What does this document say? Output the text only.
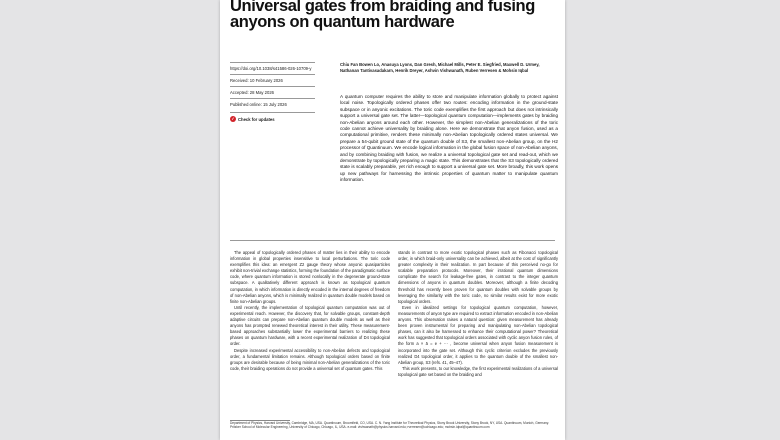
Universal gates from braiding and fusing anyons on quantum hardware
https://doi.org/10.1038/s41586-026-10709-y
Received: 10 February 2026
Accepted: 28 May 2026
Published online: 15 July 2026
✓ Check for updates
Chiu Fan Bowen Lo, Anasuya Lyons, Dan Gresh, Michael Mills, Peter E. Siegfried, Maxwell D. Urmey, Nathanan Tantivasadakarn, Henrik Dreyer, Ashvin Vishwanath, Ruben Verresen & Mohsin Iqbal
A quantum computer requires the ability to store and manipulate information globally to protect against local noise. Topologically ordered phases offer two routes: encoding information in the ground-state subspace or in anyonic excitations. The toric code exemplifies the first approach but does not intrinsically support a universal gate set. The latter—topological quantum computation—implements gates by braiding non-Abelian anyons around each other. However, the simplest non-Abelian generalizations of the toric code cannot achieve universality by braiding alone. Here we demonstrate that anyon fusion, used as a computational primitive, renders these minimally non-Abelian topologically ordered states universal. We prepare a 54-qubit ground state of the quantum double of S3, the smallest non-Abelian group, on the H2 processor of Quantinuum. We encode logical information in the global fusion space of non-Abelian anyons, and by combining braiding with fusion, we realize a universal topological gate set and read-out, which we demonstrate by topologically preparing a magic state. This demonstrates that the S3 topologically ordered state is scalably preparable, yet rich enough to support a universal gate set. More broadly, this work opens up new pathways for harnessing the intrinsic properties of quantum matter to manipulate quantum information.

The appeal of topologically ordered phases of matter lies in their ability to encode information in global properties insensitive to local perturbations. The toric code exemplifies this idea: an emergent Z2 gauge theory whose anyonic quasiparticles exhibit non-trivial exchange statistics, forming the foundation of the paradigmatic surface code, where quantum information is stored nonlocally in the degenerate ground-state subspace. A qualitatively different approach is known as topological quantum computation, in which information is directly encoded in the internal degrees of freedom of non-Abelian anyons, which is minimally realized in quantum double models based on finite non-Abelian groups.

Until recently, the implementation of topological quantum computation was out of experimental reach. However, the discovery that, for solvable groups, constant-depth adaptive circuits can prepare non-Abelian quantum double models as well as their anyons has prompted renewed theoretical interest in their utility. These measurement-based approaches substantially lower the experimental barriers to realizing these phases on quantum hardware, with a recent experimental realization of D4 topological order.

Despite increased experimental accessibility to non-Abelian defects and topological order, a fundamental limitation remains. Although topological orders based on finite groups are desirable because of being minimal non-Abelian generalizations of the toric code, their braiding operations do not provide a universal set of quantum gates. This

stands in contrast to more exotic topological phases such as Fibonacci topological order, in which braid-only universality can be achieved, albeit at the cost of significantly greater complexity in their realization. In part because of this perceived no-go for scalable preparation protocols. Moreover, their irrational quantum dimensions complicate the search for leakage-free gates, in contrast to the integer quantum dimensions of anyons in quantum doubles. Moreover, although a finite decoding threshold has recently been proven for quantum doubles with solvable groups by leveraging the similarity with the toric code, no similar results exist for more exotic topological orders.

Even in idealized settings for topological quantum computation, however, measurements of anyon type are required to extract information encoded in non-Abelian anyons. This observation raises a natural question: given measurement has already been proven instrumental for preparing and manipulating non-Abelian topological phases, can it also be harnessed to enhance their computational power? Theoretical work has suggested that topological orders associated with cyclic anyon fusion rules, of the form a × ā = e + ⋯ , become universal when anyon fusion measurement is incorporated into the gate set. Although this cyclic criterion excludes the previously realized D4 topological order, it applies to the quantum double of the smallest non-Abelian group, S3 (refs. 41, 45–47).

This work presents, to our knowledge, the first experimental realizations of a universal topological gate set based on the braiding and

Department of Physics, Harvard University, Cambridge, MA, USA. Quantinuum, Broomfield, CO, USA. C. N. Yang Institute for Theoretical Physics, Stony Brook University, Stony Brook, NY, USA. Quantinuum, Munich, Germany. Pritzker School of Molecular Engineering, University of Chicago, Chicago, IL, USA. e-mail: vishwanath@physics.harvard.edu; rverresen@uchicago.edu; mohsin.iqbal@quantinuum.com
